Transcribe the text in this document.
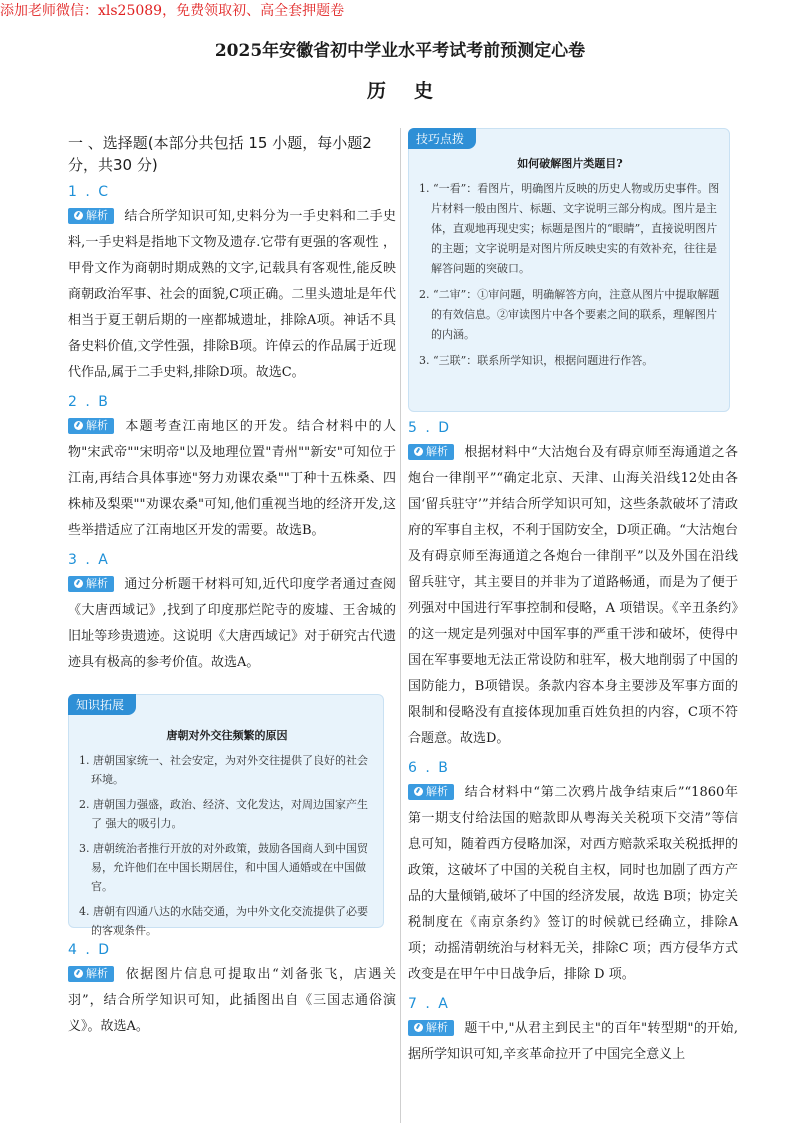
添加老师微信：xls25089，免费领取初、高全套押题卷
2025年安徽省初中学业水平考试考前预测定心卷
历史
一 、选择题(本部分共包括 15 小题，每小题2分，共30 分)
1 . C
解析 结合所学知识可知,史料分为一手史料和二手史料,一手史料是指地下文物及遗存.它带有更强的客观性 ，甲骨文作为商朝时期成熟的文字,记载具有客观性,能反映商朝政治军事、社会的面貌,C项正确。二里头遗址是年代相当于夏王朝后期的一座都城遗址，排除A项。神话不具备史料价值,文学性强，排除B项。许倬云的作品属于近现代作品,属于二手史料,排除D项。故选C。
2 . B
解析 本题考查江南地区的开发。结合材料中的人物"宋武帝""宋明帝"以及地理位置"青州""新安"可知位于江南,再结合具体事迹"努力劝课农桑""丁种十五株桑、四株柿及梨栗""劝课农桑"可知,他们重视当地的经济开发,这些举措适应了江南地区开发的需要。故选B。
3 . A
解析 通过分析题干材料可知,近代印度学者通过查阅《大唐西域记》,找到了印度那烂陀寺的废墟、王舍城的旧址等珍贵遗迹。这说明《大唐西域记》对于研究古代遗迹具有极高的参考价值。故选A。
知识拓展
唐朝对外交往频繁的原因
1. 唐朝国家统一、社会安定，为对外交往提供了良好的社会环境。
2. 唐朝国力强盛，政治、经济、文化发达，对周边国家产生了 强大的吸引力。
3. 唐朝统治者推行开放的对外政策，鼓励各国商人到中国贸易，允许他们在中国长期居住，和中国人通婚或在中国做官。
4. 唐朝有四通八达的水陆交通，为中外文化交流提供了必要的客观条件。
4 . D
解析 依据图片信息可提取出“刘备张飞，店遇关羽”，结合所学知识可知，此插图出自《三国志通俗演义》。故选A。
技巧点拨
如何破解图片类题目?
1. “一看”：看图片，明确图片反映的历史人物或历史事件。图片材料一般由图片、标题、文字说明三部分构成。图片是主体，直观地再现史实；标题是图片的“眼睛”，直接说明图片的主题；文字说明是对图片所反映史实的有效补充，往往是解答问题的突破口。
2. “二审”：①审问题，明确解答方向，注意从图片中提取解题的有效信息。②审读图片中各个要素之间的联系，理解图片的内涵。
3. “三联”：联系所学知识，根据问题进行作答。
5 . D
解析 根据材料中“大沽炮台及有碍京师至海通道之各炮台一律削平”“确定北京、天津、山海关沿线12处由各国‘留兵驻守’”并结合所学知识可知，这些条款破坏了清政府的军事自主权，不利于国防安全，D项正确。“大沽炮台及有碍京师至海通道之各炮台一律削平”以及外国在沿线留兵驻守，其主要目的并非为了道路畅通，而是为了便于列强对中国进行军事控制和侵略，A 项错误。《辛丑条约》的这一规定是列强对中国军事的严重干涉和破坏，使得中国在军事要地无法正常设防和驻军，极大地削弱了中国的国防能力，B项错误。条款内容本身主要涉及军事方面的限制和侵略没有直接体现加重百姓负担的内容，C项不符合题意。故选D。
6 . B
解析 结合材料中“第二次鸦片战争结束后”“1860年第一期支付给法国的赔款即从粤海关关税项下交清”等信息可知，随着西方侵略加深，对西方赔款采取关税抵押的政策，这破坏了中国的关税自主权，同时也加剧了西方产品的大量倾销,破坏了中国的经济发展，故选 B项；协定关税制度在《南京条约》签订的时候就已经确立，排除A项；动摇清朝统治与材料无关，排除C 项；西方侵华方式改变是在甲午中日战争后，排除 D 项。
7 . A
解析 题干中,"从君主到民主"的百年"转型期"的开始,据所学知识可知,辛亥革命拉开了中国完全意义上
